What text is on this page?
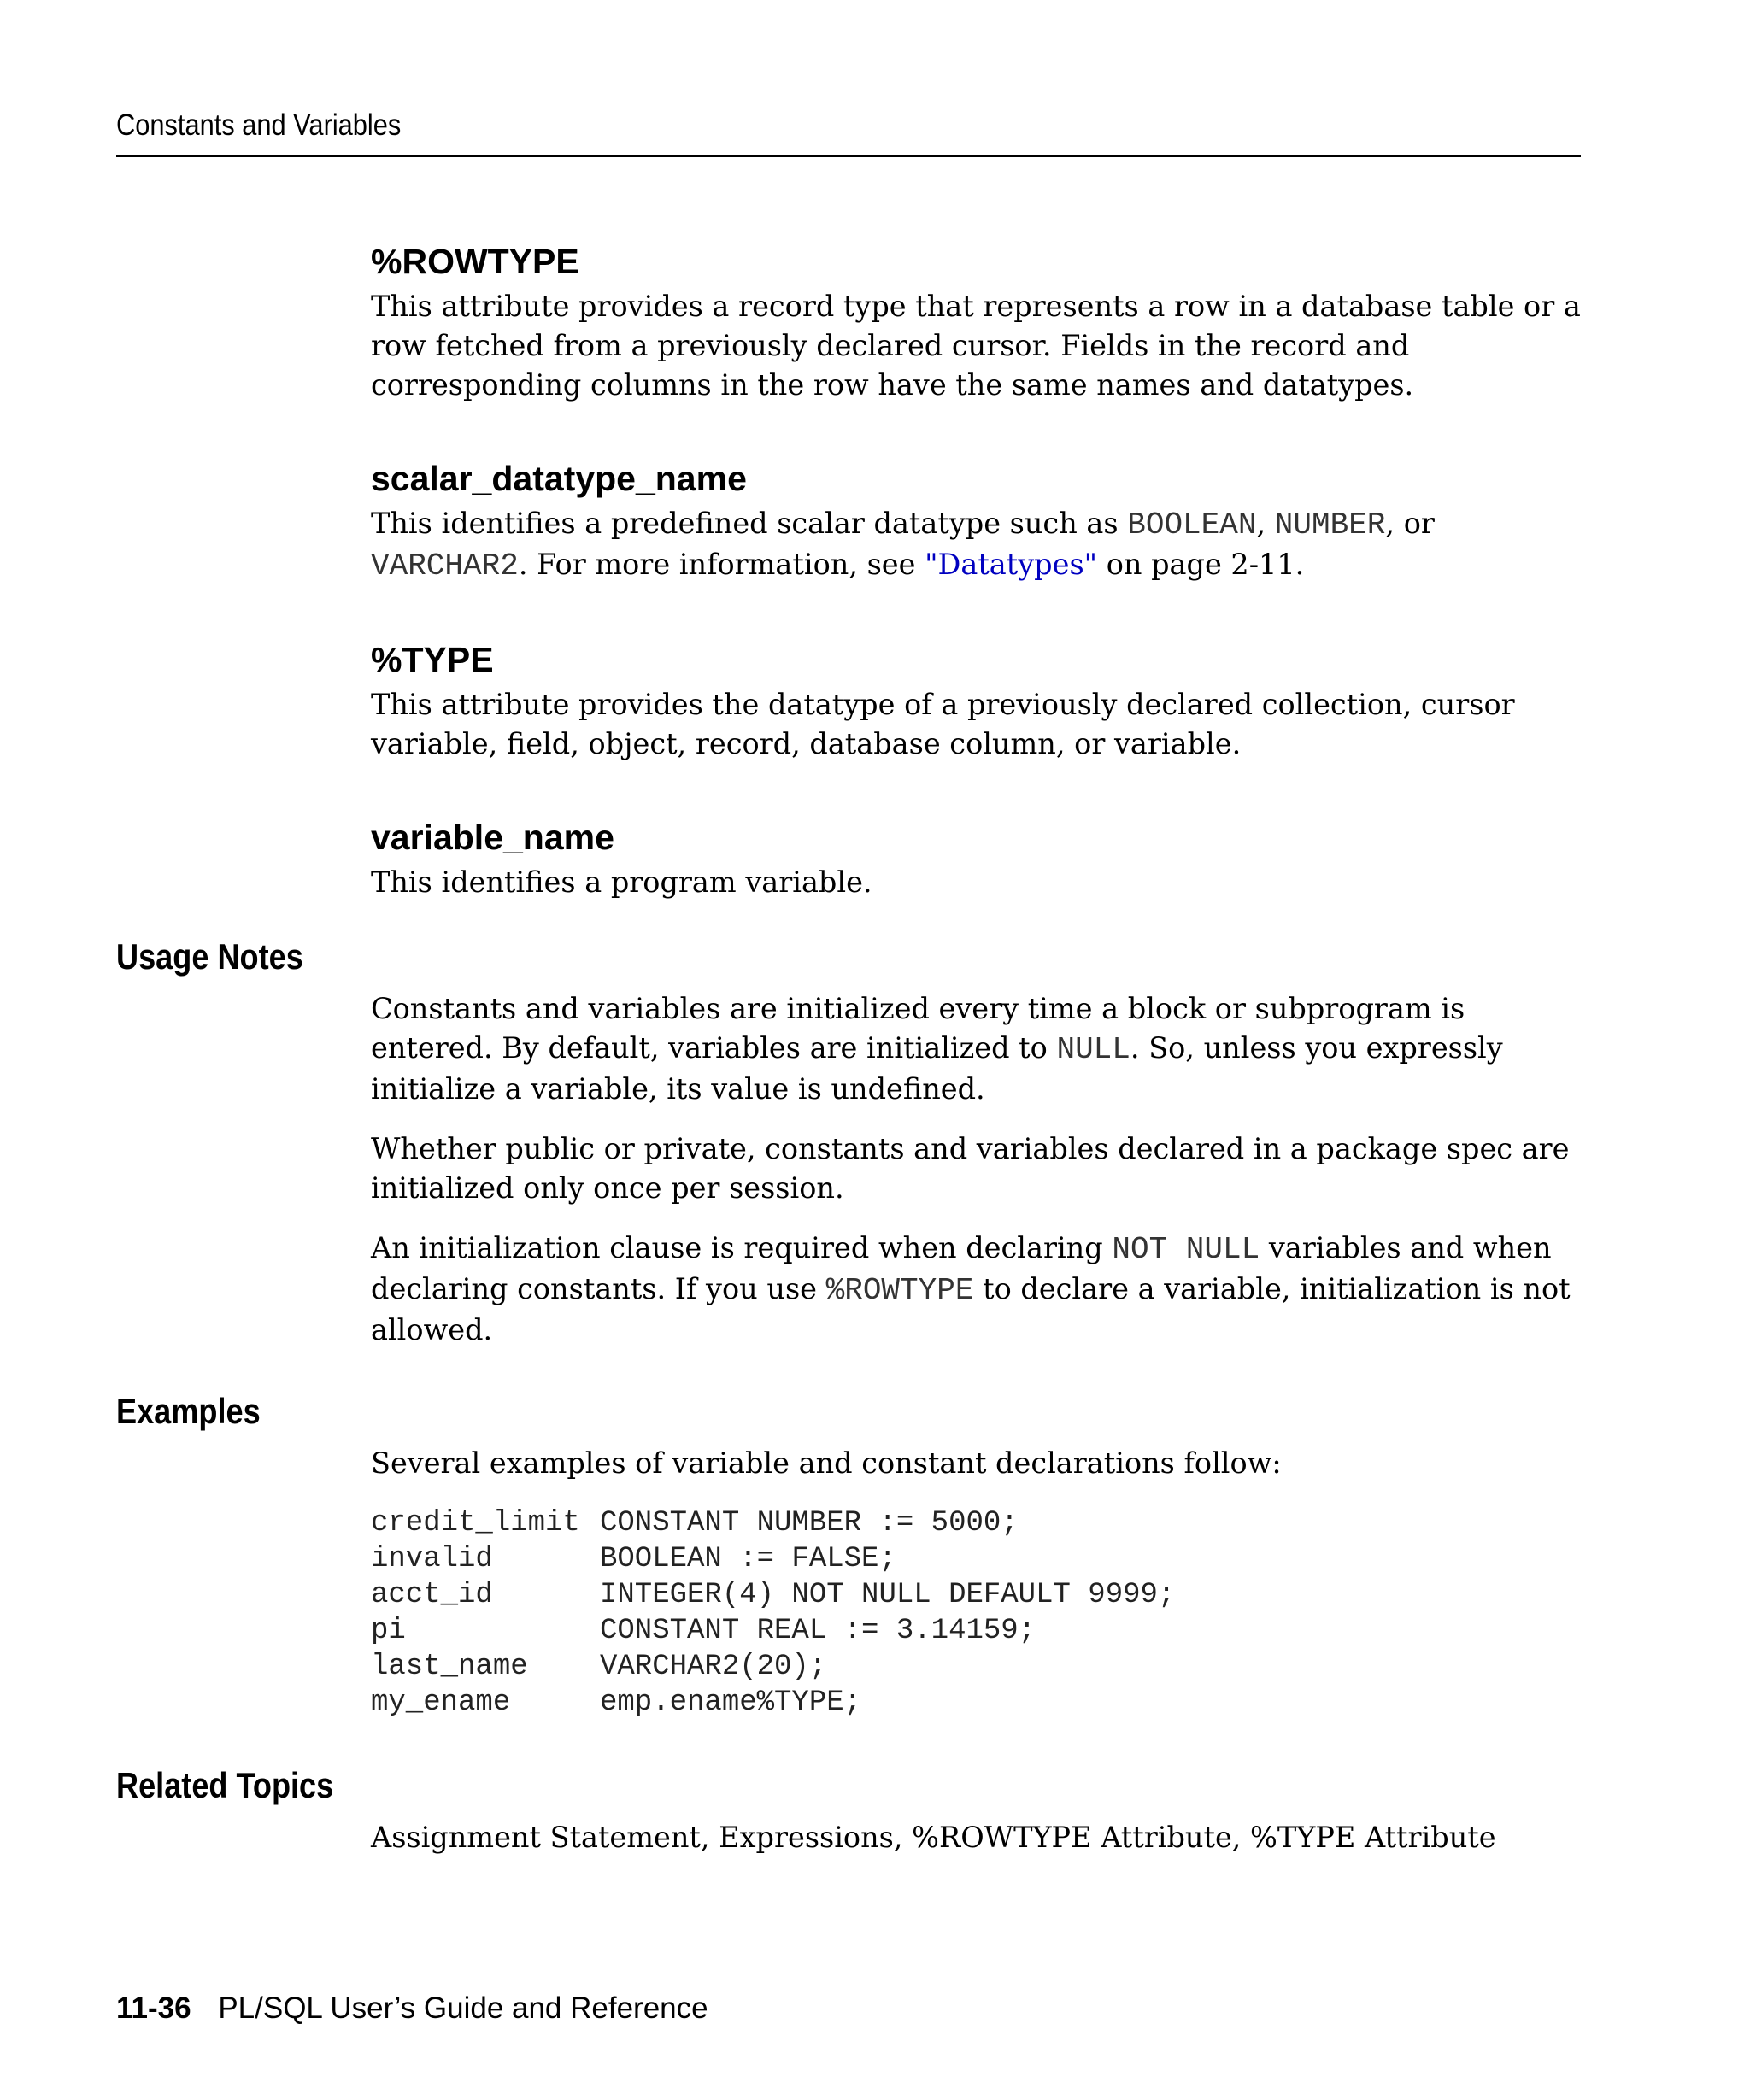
Constants and Variables
%ROWTYPE

This attribute provides a record type that represents a row in a database table or a row fetched from a previously declared cursor. Fields in the record and corresponding columns in the row have the same names and datatypes.

scalar_datatype_name

This identifies a predefined scalar datatype such as BOOLEAN, NUMBER, or VARCHAR2. For more information, see "Datatypes" on page 2-11.

%TYPE

This attribute provides the datatype of a previously declared collection, cursor variable, field, object, record, database column, or variable.

variable_name

This identifies a program variable.

Usage Notes

Constants and variables are initialized every time a block or subprogram is entered. By default, variables are initialized to NULL. So, unless you expressly initialize a variable, its value is undefined.

Whether public or private, constants and variables declared in a package spec are initialized only once per session.

An initialization clause is required when declaring NOT NULL variables and when declaring constants. If you use %ROWTYPE to declare a variable, initialization is not allowed.

Examples

Several examples of variable and constant declarations follow:

credit_limit CONSTANT NUMBER := 5000;
invalid	BOOLEAN := FALSE;
acct_id	INTEGER(4) NOT NULL DEFAULT 9999;
pi	CONSTANT REAL := 3.14159;
last_name	VARCHAR2(20);
my_ename	emp.ename%TYPE;
Related Topics

Assignment Statement, Expressions, %ROWTYPE Attribute, %TYPE Attribute

11-36 PL/SQL User’s Guide and Reference
